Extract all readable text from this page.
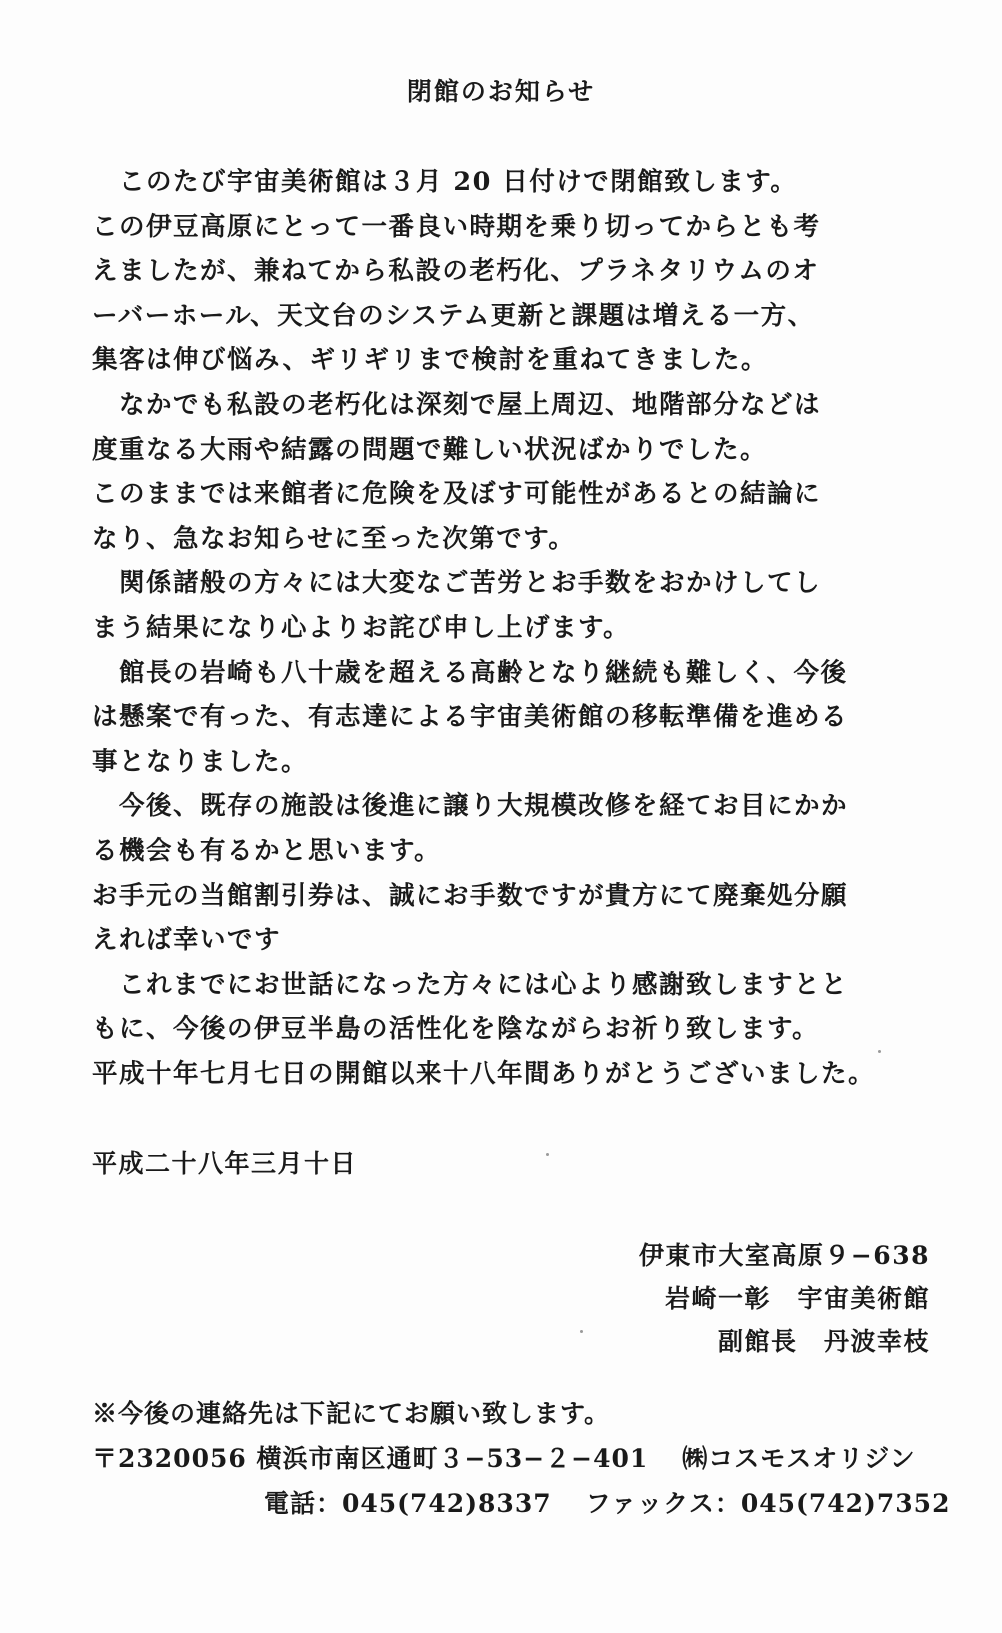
閉館のお知らせ
このたび宇宙美術館は３月 20 日付けで閉館致します。
この伊豆高原にとって一番良い時期を乗り切ってからとも考
えましたが、兼ねてから私設の老朽化、プラネタリウムのオ
ーバーホール、天文台のシステム更新と課題は増える一方、
集客は伸び悩み、ギリギリまで検討を重ねてきました。
なかでも私設の老朽化は深刻で屋上周辺、地階部分などは
度重なる大雨や結露の問題で難しい状況ばかりでした。
このままでは来館者に危険を及ぼす可能性があるとの結論に
なり、急なお知らせに至った次第です。
関係諸般の方々には大変なご苦労とお手数をおかけしてし
まう結果になり心よりお詫び申し上げます。
館長の岩崎も八十歳を超える高齢となり継続も難しく、今後
は懸案で有った、有志達による宇宙美術館の移転準備を進める
事となりました。
今後、既存の施設は後進に譲り大規模改修を経てお目にかか
る機会も有るかと思います。
お手元の当館割引券は、誠にお手数ですが貴方にて廃棄処分願
えれば幸いです
これまでにお世話になった方々には心より感謝致しますとと
もに、今後の伊豆半島の活性化を陰ながらお祈り致します。
平成十年七月七日の開館以来十八年間ありがとうございました。
平成二十八年三月十日
伊東市大室高原９−638
岩崎一彰　宇宙美術館
副館長　丹波幸枝
※今後の連絡先は下記にてお願い致します。
〒2320056 横浜市南区通町３−53−２−401 ㈱コスモスオリジン
電話：045(742)8337 ファックス：045(742)7352
